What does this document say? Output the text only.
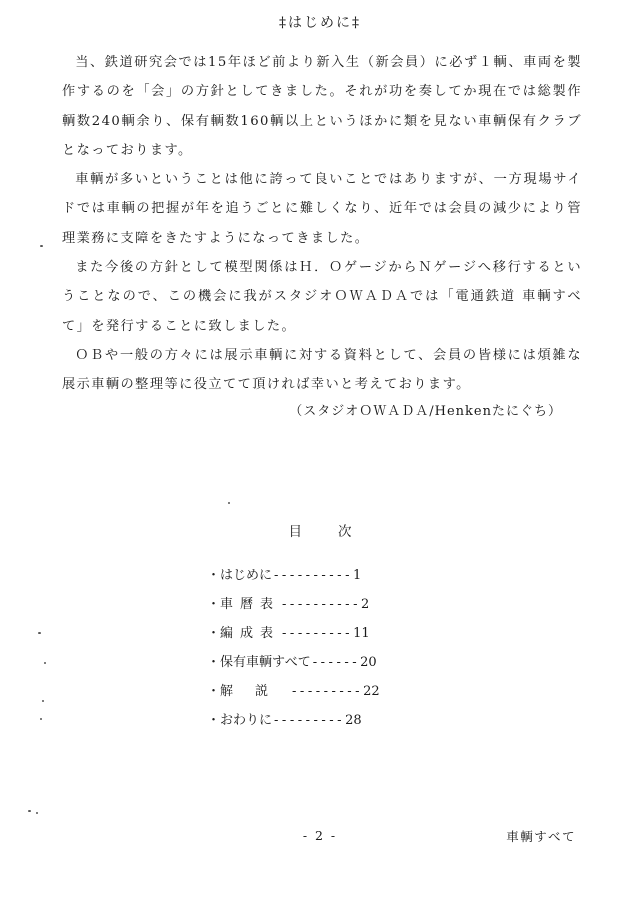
‡はじめに‡

当、鉄道研究会では15年ほど前より新入生（新会員）に必ず１輌、車両を製作するのを「会」の方針としてきました。それが功を奏してか現在では総製作輌数240輌余り、保有輌数160輌以上というほかに類を見ない車輌保有クラブとなっております。

車輌が多いということは他に誇って良いことではありますが、一方現場サイドでは車輌の把握が年を追うごとに難しくなり、近年では会員の減少により管理業務に支障をきたすようになってきました。

また今後の方針として模型関係はＨ．ＯゲージからＮゲージへ移行するということなので、この機会に我がスタジオＯＷＡＤＡでは「電通鉄道 車輌すべて」を発行することに致しました。

ＯＢや一般の方々には展示車輌に対する資料として、会員の皆様には煩雑な展示車輌の整理等に役立てて頂ければ幸いと考えております。

（スタジオＯＷＡＤＡ/Henkenたにぐち）
目	次
・ はじめに ---------- 1
・ 車曆表 ---------- 2
・ 編成表 --------- 11
・ 保有車輌すべて ------ 20
・ 解説 --------- 22
・ おわりに --------- 28
- 2 -	車輌すべて
